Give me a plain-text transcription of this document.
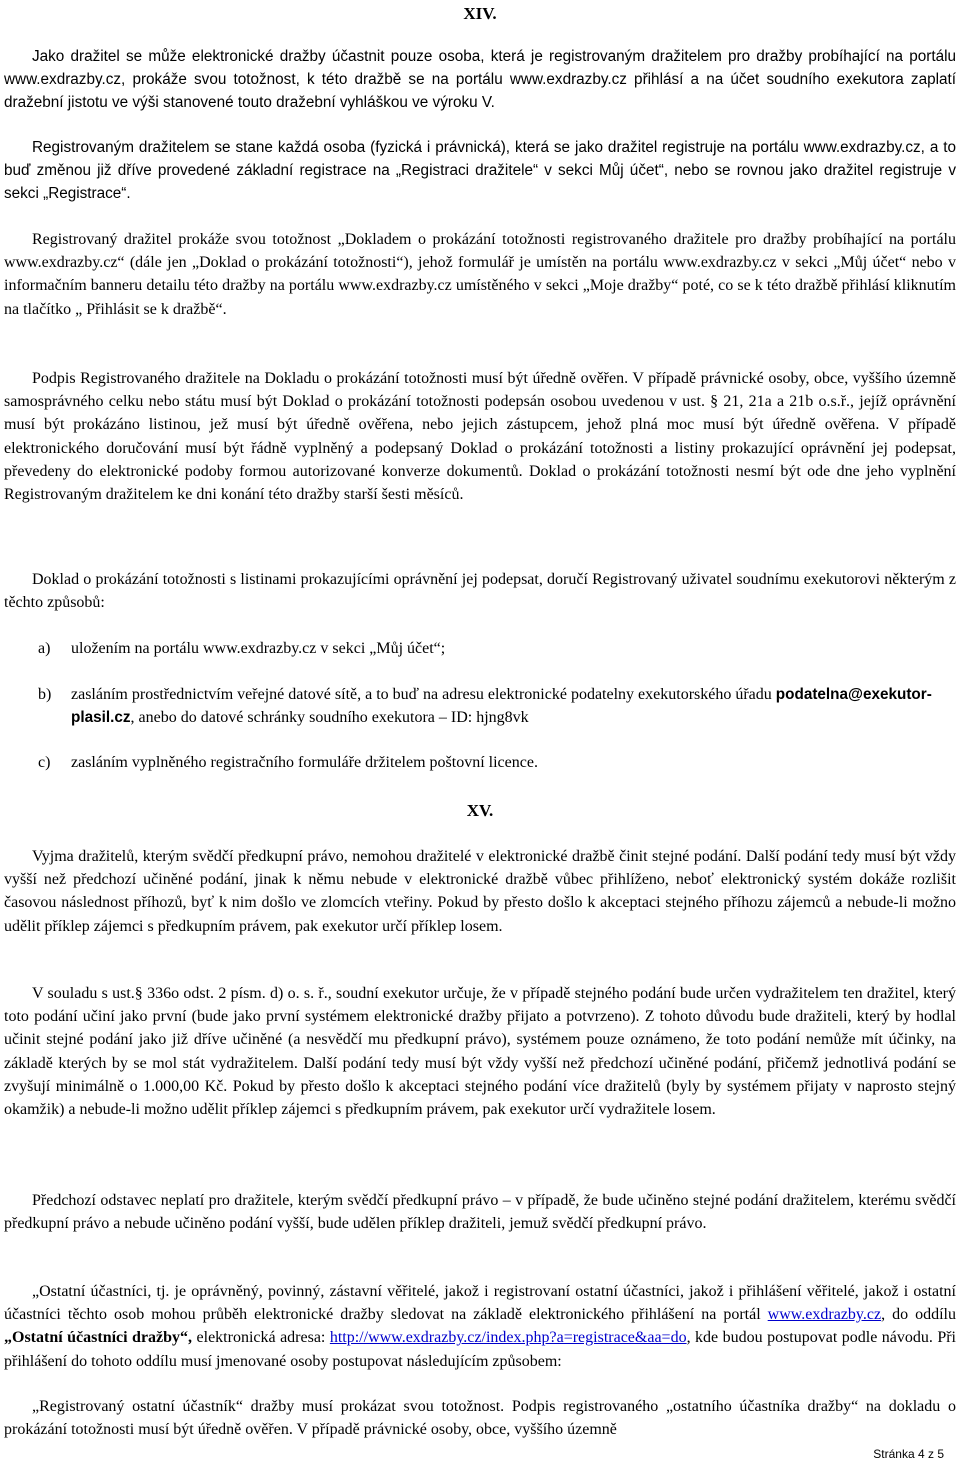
XIV.

Jako dražitel se může elektronické dražby účastnit pouze osoba, která je registrovaným dražitelem pro dražby probíhající na portálu www.exdrazby.cz, prokáže svou totožnost, k této dražbě se na portálu www.exdrazby.cz přihlásí a na účet soudního exekutora zaplatí dražební jistotu ve výši stanovené touto dražební vyhláškou ve výroku V.

Registrovaným dražitelem se stane každá osoba (fyzická i právnická), která se jako dražitel registruje na portálu www.exdrazby.cz, a to buď změnou již dříve provedené základní registrace na „Registraci dražitele“ v sekci Můj účet“, nebo se rovnou jako dražitel registruje v sekci „Registrace“.

Registrovaný dražitel prokáže svou totožnost „Dokladem o prokázání totožnosti registrovaného dražitele pro dražby probíhající na portálu www.exdrazby.cz“ (dále jen „Doklad o prokázání totožnosti“), jehož formulář je umístěn na portálu www.exdrazby.cz v sekci „Můj účet“ nebo v informačním banneru detailu této dražby na portálu www.exdrazby.cz umístěného v sekci „Moje dražby“ poté, co se k této dražbě přihlásí kliknutím na tlačítko „ Přihlásit se k dražbě“.

Podpis Registrovaného dražitele na Dokladu o prokázání totožnosti musí být úředně ověřen. V případě právnické osoby, obce, vyššího územně samosprávného celku nebo státu musí být Doklad o prokázání totožnosti podepsán osobou uvedenou v ust. § 21, 21a a 21b o.s.ř., jejíž oprávnění musí být prokázáno listinou, jež musí být úředně ověřena, nebo jejich zástupcem, jehož plná moc musí být úředně ověřena. V případě elektronického doručování musí být řádně vyplněný a podepsaný Doklad o prokázání totožnosti a listiny prokazující oprávnění jej podepsat, převedeny do elektronické podoby formou autorizované konverze dokumentů. Doklad o prokázání totožnosti nesmí být ode dne jeho vyplnění Registrovaným dražitelem ke dni konání této dražby starší šesti měsíců.

Doklad o prokázání totožnosti s listinami prokazujícími oprávnění jej podepsat, doručí Registrovaný uživatel soudnímu exekutorovi některým z těchto způsobů:

a) uložením na portálu www.exdrazby.cz v sekci „Můj účet“;
b) zasláním prostřednictvím veřejné datové sítě, a to buď na adresu elektronické podatelny exekutorského úřadu podatelna@exekutor-plasil.cz, anebo do datové schránky soudního exekutora – ID: hjng8vk
c) zasláním vyplněného registračního formuláře držitelem poštovní licence.
XV.

Vyjma dražitelů, kterým svědčí předkupní právo, nemohou dražitelé v elektronické dražbě činit stejné podání. Další podání tedy musí být vždy vyšší než předchozí učiněné podání, jinak k němu nebude v elektronické dražbě vůbec přihlíženo, neboť elektronický systém dokáže rozlišit časovou následnost příhozů, byť k nim došlo ve zlomcích vteřiny. Pokud by přesto došlo k akceptaci stejného příhozu zájemců a nebude-li možno udělit příklep zájemci s předkupním právem, pak exekutor určí příklep losem.

V souladu s ust.§ 336o odst. 2 písm. d) o. s. ř., soudní exekutor určuje, že v případě stejného podání bude určen vydražitelem ten dražitel, který toto podání učiní jako první (bude jako první systémem elektronické dražby přijato a potvrzeno). Z tohoto důvodu bude dražiteli, který by hodlal učinit stejné podání jako již dříve učiněné (a nesvědčí mu předkupní právo), systémem pouze oznámeno, že toto podání nemůže mít účinky, na základě kterých by se mol stát vydražitelem. Další podání tedy musí být vždy vyšší než předchozí učiněné podání, přičemž jednotlivá podání se zvyšují minimálně o 1.000,00 Kč. Pokud by přesto došlo k akceptaci stejného podání více dražitelů (byly by systémem přijaty v naprosto stejný okamžik) a nebude-li možno udělit příklep zájemci s předkupním právem, pak exekutor určí vydražitele losem.

Předchozí odstavec neplatí pro dražitele, kterým svědčí předkupní právo – v případě, že bude učiněno stejné podání dražitelem, kterému svědčí předkupní právo a nebude učiněno podání vyšší, bude udělen příklep dražiteli, jemuž svědčí předkupní právo.

„Ostatní účastníci, tj. je oprávněný, povinný, zástavní věřitelé, jakož i registrovaní ostatní účastníci, jakož i přihlášení věřitelé, jakož i ostatní účastníci těchto osob mohou průběh elektronické dražby sledovat na základě elektronického přihlášení na portál www.exdrazby.cz, do oddílu „Ostatní účastníci dražby“, elektronická adresa: http://www.exdrazby.cz/index.php?a=registrace&aa=do, kde budou postupovat podle návodu. Při přihlášení do tohoto oddílu musí jmenované osoby postupovat následujícím způsobem:

„Registrovaný ostatní účastník“ dražby musí prokázat svou totožnost. Podpis registrovaného „ostatního účastníka dražby“ na dokladu o prokázání totožnosti musí být úředně ověřen. V případě právnické osoby, obce, vyššího územně

Stránka 4 z 5
